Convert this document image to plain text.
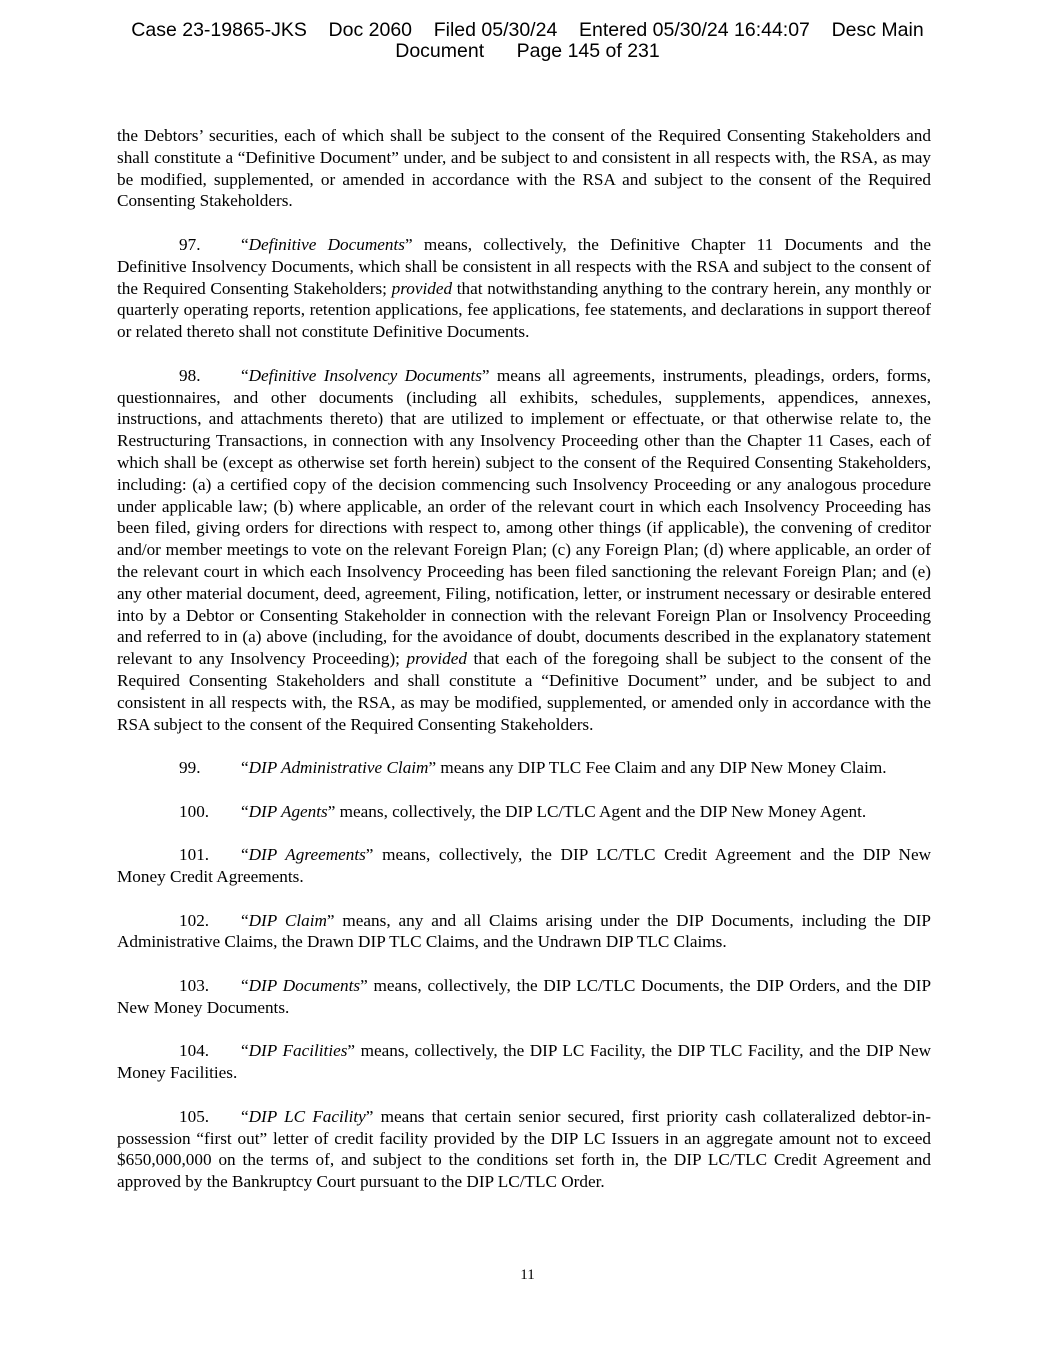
Case 23-19865-JKS    Doc 2060    Filed 05/30/24    Entered 05/30/24 16:44:07    Desc Main
Document      Page 145 of 231

the Debtors’ securities, each of which shall be subject to the consent of the Required Consenting Stakeholders and shall constitute a “Definitive Document” under, and be subject to and consistent in all respects with, the RSA, as may be modified, supplemented, or amended in accordance with the RSA and subject to the consent of the Required Consenting Stakeholders.

97. “Definitive Documents” means, collectively, the Definitive Chapter 11 Documents and the Definitive Insolvency Documents, which shall be consistent in all respects with the RSA and subject to the consent of the Required Consenting Stakeholders; provided that notwithstanding anything to the contrary herein, any monthly or quarterly operating reports, retention applications, fee applications, fee statements, and declarations in support thereof or related thereto shall not constitute Definitive Documents.

98. “Definitive Insolvency Documents” means all agreements, instruments, pleadings, orders, forms, questionnaires, and other documents (including all exhibits, schedules, supplements, appendices, annexes, instructions, and attachments thereto) that are utilized to implement or effectuate, or that otherwise relate to, the Restructuring Transactions, in connection with any Insolvency Proceeding other than the Chapter 11 Cases, each of which shall be (except as otherwise set forth herein) subject to the consent of the Required Consenting Stakeholders, including: (a) a certified copy of the decision commencing such Insolvency Proceeding or any analogous procedure under applicable law; (b) where applicable, an order of the relevant court in which each Insolvency Proceeding has been filed, giving orders for directions with respect to, among other things (if applicable), the convening of creditor and/or member meetings to vote on the relevant Foreign Plan; (c) any Foreign Plan; (d) where applicable, an order of the relevant court in which each Insolvency Proceeding has been filed sanctioning the relevant Foreign Plan; and (e) any other material document, deed, agreement, Filing, notification, letter, or instrument necessary or desirable entered into by a Debtor or Consenting Stakeholder in connection with the relevant Foreign Plan or Insolvency Proceeding and referred to in (a) above (including, for the avoidance of doubt, documents described in the explanatory statement relevant to any Insolvency Proceeding); provided that each of the foregoing shall be subject to the consent of the Required Consenting Stakeholders and shall constitute a “Definitive Document” under, and be subject to and consistent in all respects with, the RSA, as may be modified, supplemented, or amended only in accordance with the RSA subject to the consent of the Required Consenting Stakeholders.

99. “DIP Administrative Claim” means any DIP TLC Fee Claim and any DIP New Money Claim.

100. “DIP Agents” means, collectively, the DIP LC/TLC Agent and the DIP New Money Agent.

101. “DIP Agreements” means, collectively, the DIP LC/TLC Credit Agreement and the DIP New Money Credit Agreements.

102. “DIP Claim” means, any and all Claims arising under the DIP Documents, including the DIP Administrative Claims, the Drawn DIP TLC Claims, and the Undrawn DIP TLC Claims.

103. “DIP Documents” means, collectively, the DIP LC/TLC Documents, the DIP Orders, and the DIP New Money Documents.

104. “DIP Facilities” means, collectively, the DIP LC Facility, the DIP TLC Facility, and the DIP New Money Facilities.

105. “DIP LC Facility” means that certain senior secured, first priority cash collateralized debtor-in-possession “first out” letter of credit facility provided by the DIP LC Issuers in an aggregate amount not to exceed $650,000,000 on the terms of, and subject to the conditions set forth in, the DIP LC/TLC Credit Agreement and approved by the Bankruptcy Court pursuant to the DIP LC/TLC Order.

11
